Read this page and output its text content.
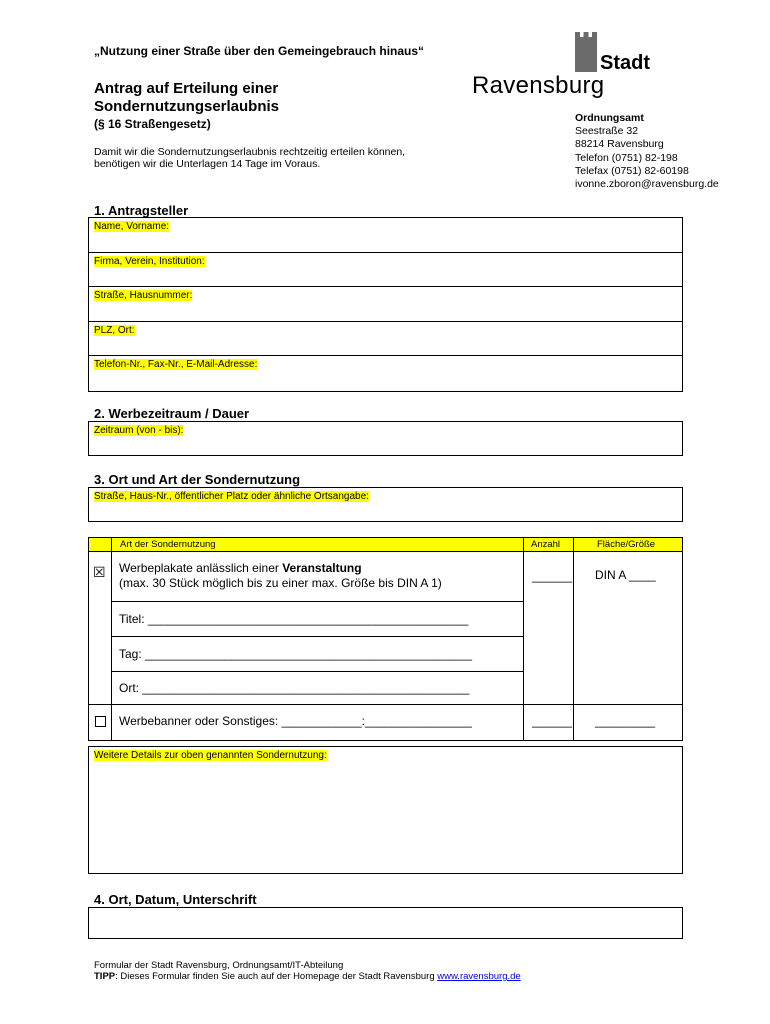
„Nutzung einer Straße über den Gemeingebrauch hinaus“
Antrag auf Erteilung einer
Sondernutzungserlaubnis
(§ 16 Straßengesetz)
Damit wir die Sondernutzungserlaubnis rechtzeitig erteilen können,
benötigen wir die Unterlagen 14 Tage im Voraus.
Stadt
Ravensburg
Ordnungsamt
Seestraße 32
88214 Ravensburg
Telefon (0751) 82-198
Telefax (0751) 82-60198
ivonne.zboron@ravensburg.de
1. Antragsteller
Name, Vorname:
Firma, Verein, Institution:
Straße, Hausnummer:
PLZ, Ort:
Telefon-Nr., Fax-Nr., E-Mail-Adresse:
2. Werbezeitraum / Dauer
Zeitraum (von - bis):
3. Ort und Art der Sondernutzung
Straße, Haus-Nr., öffentlicher Platz oder ähnliche Ortsangabe:
Art der Sondernutzung	Anzahl	Fläche/Größe
☒ Werbeplakate anlässlich einer Veranstaltung
(max. 30 Stück möglich bis zu einer max. Größe bis DIN A 1)	______ DIN A ____
Titel: ________________________________________________
Tag: _________________________________________________
Ort: _________________________________________________
Werbebanner oder Sonstiges: ____________:________________	______ _________
Weitere Details zur oben genannten Sondernutzung:
4. Ort, Datum, Unterschrift
Formular der Stadt Ravensburg, Ordnungsamt/IT-Abteilung
TIPP: Dieses Formular finden Sie auch auf der Homepage der Stadt Ravensburg www.ravensburg.de
